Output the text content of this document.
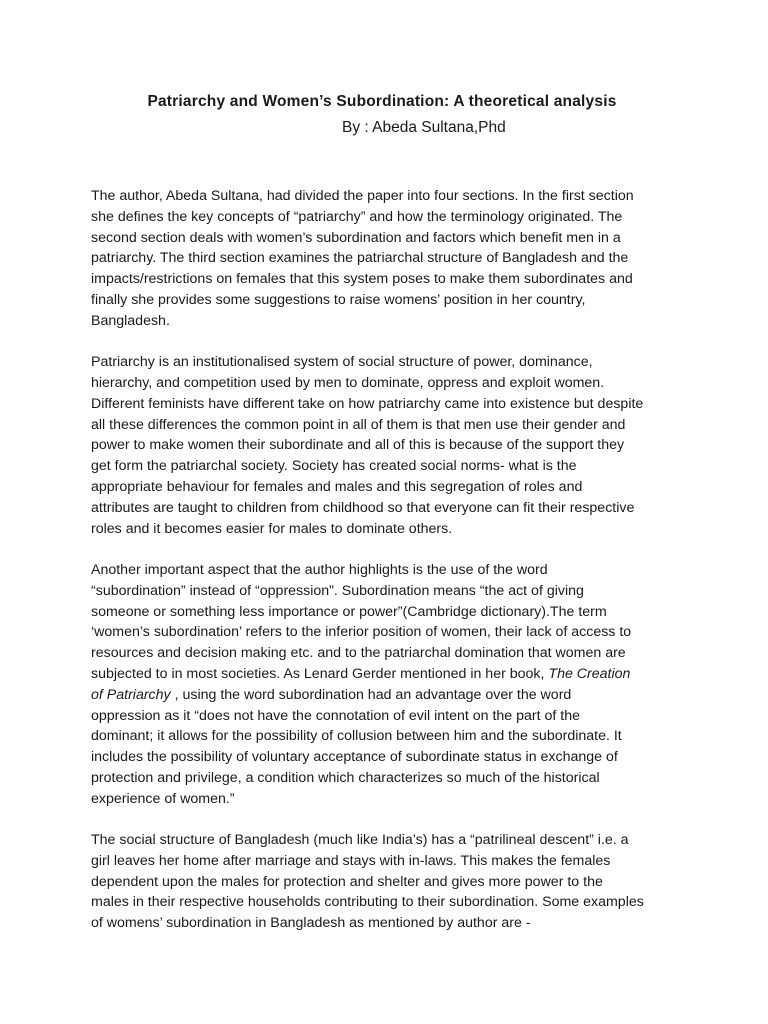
Patriarchy and Women’s Subordination: A theoretical analysis

By : Abeda Sultana,Phd

The author, Abeda Sultana, had divided the paper into four sections. In the first section
she defines the key concepts of “patriarchy” and how the terminology originated. The
second section deals with women’s subordination and factors which benefit men in a
patriarchy. The third section examines the patriarchal structure of Bangladesh and the
impacts/restrictions on females that this system poses to make them subordinates and
finally she provides some suggestions to raise womens’ position in her country,
Bangladesh.

Patriarchy is an institutionalised system of social structure of power, dominance,
hierarchy, and competition used by men to dominate, oppress and exploit women.
Different feminists have different take on how patriarchy came into existence but despite
all these differences the common point in all of them is that men use their gender and
power to make women their subordinate and all of this is because of the support they
get form the patriarchal society. Society has created social norms- what is the
appropriate behaviour for females and males and this segregation of roles and
attributes are taught to children from childhood so that everyone can fit their respective
roles and it becomes easier for males to dominate others.

Another important aspect that the author highlights is the use of the word
“subordination” instead of “oppression”. Subordination means “the act of giving
someone or something less importance or power”(Cambridge dictionary).The term
‘women’s subordination’ refers to the inferior position of women, their lack of access to
resources and decision making etc. and to the patriarchal domination that women are
subjected to in most societies. As Lenard Gerder mentioned in her book, The Creation
of Patriarchy , using the word subordination had an advantage over the word
oppression as it “does not have the connotation of evil intent on the part of the
dominant; it allows for the possibility of collusion between him and the subordinate. It
includes the possibility of voluntary acceptance of subordinate status in exchange of
protection and privilege, a condition which characterizes so much of the historical
experience of women.”

The social structure of Bangladesh (much like India’s) has a “patrilineal descent” i.e. a
girl leaves her home after marriage and stays with in-laws. This makes the females
dependent upon the males for protection and shelter and gives more power to the
males in their respective households contributing to their subordination. Some examples
of womens’ subordination in Bangladesh as mentioned by author are -
